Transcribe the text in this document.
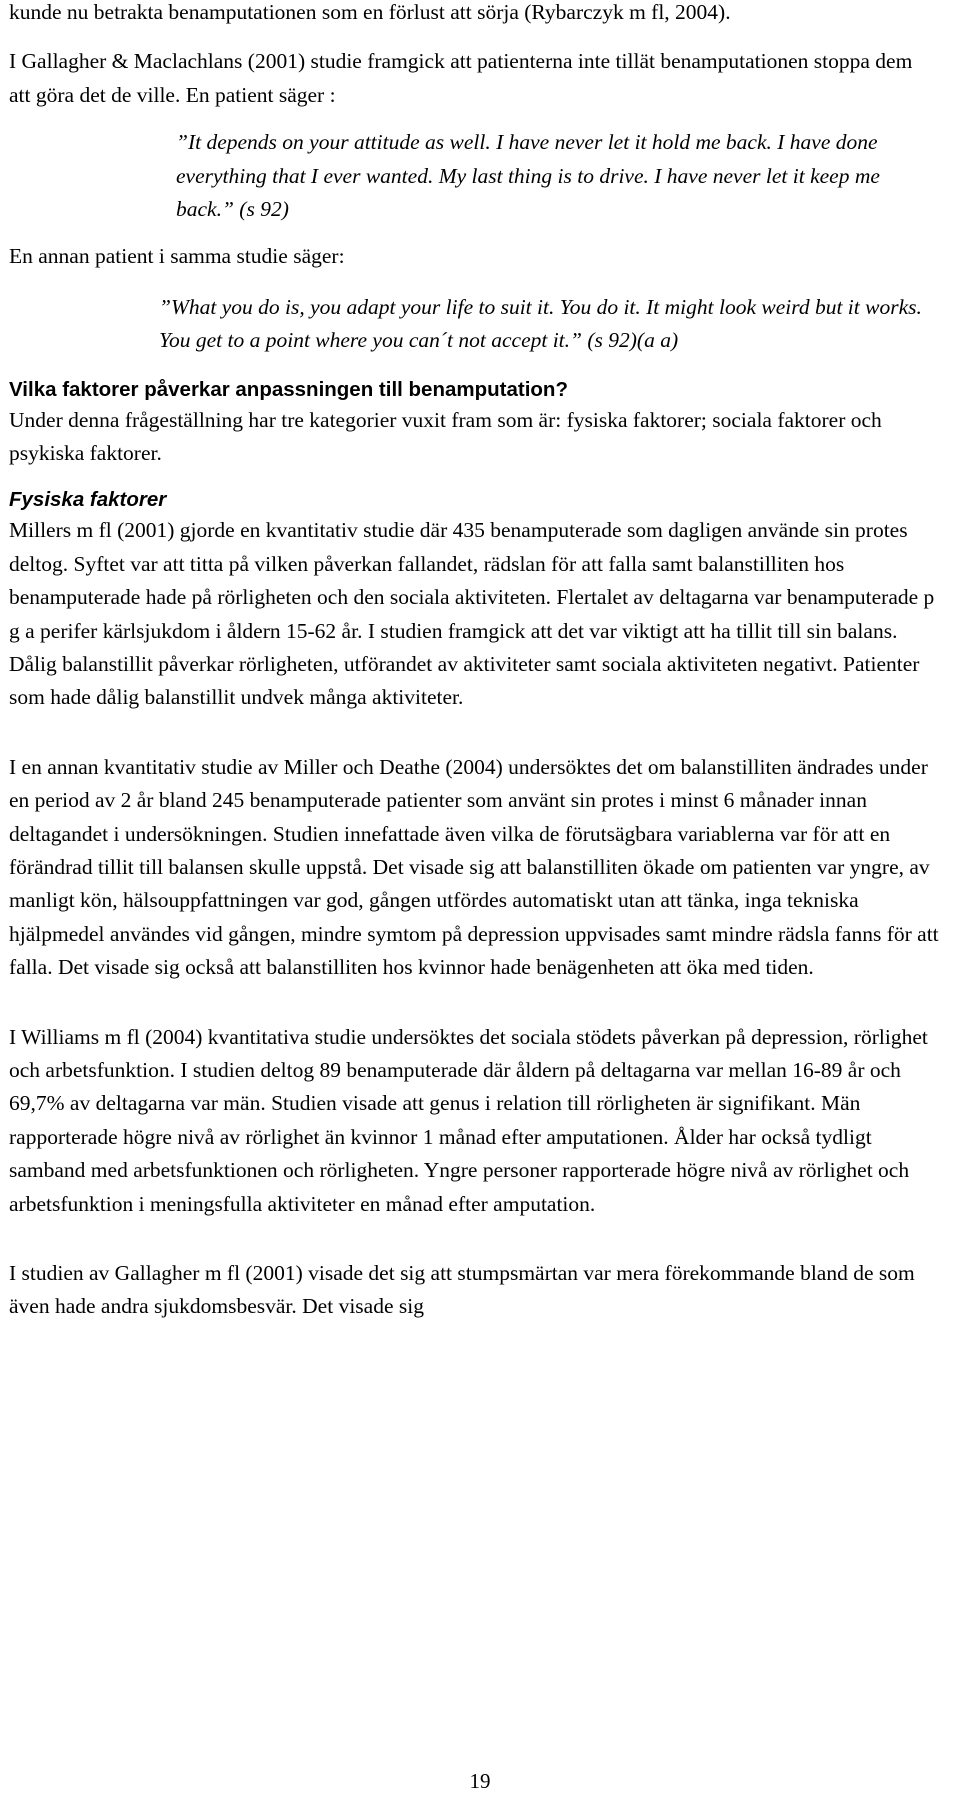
kunde nu betrakta benamputationen som en förlust att sörja (Rybarczyk m fl, 2004).

I Gallagher & Maclachlans (2001) studie framgick att patienterna inte tillät benamputationen stoppa dem att göra det de ville. En patient säger :

”It depends on your attitude as well. I have never let it hold me back. I have done everything that I ever wanted. My last thing is to drive. I have never let it keep me back.” (s 92)

En annan patient i samma studie säger:

”What you do is, you adapt your life to suit it. You do it. It might look weird but it works. You get to a point where you can´t not accept it.” (s 92)(a a)

Vilka faktorer påverkar anpassningen till benamputation?

Under denna frågeställning har tre kategorier vuxit fram som är: fysiska faktorer; sociala faktorer och psykiska faktorer.

Fysiska faktorer

Millers m fl (2001) gjorde en kvantitativ studie där 435 benamputerade som dagligen använde sin protes deltog. Syftet var att titta på vilken påverkan fallandet, rädslan för att falla samt balanstilliten hos benamputerade hade på rörligheten och den sociala aktiviteten. Flertalet av deltagarna var benamputerade p g a perifer kärlsjukdom i åldern 15-62 år. I studien framgick att det var viktigt att ha tillit till sin balans. Dålig balanstillit påverkar rörligheten, utförandet av aktiviteter samt sociala aktiviteten negativt. Patienter som hade dålig balanstillit undvek många aktiviteter.

I en annan kvantitativ studie av Miller och Deathe (2004) undersöktes det om balanstilliten ändrades under en period av 2 år bland 245 benamputerade patienter som använt sin protes i minst 6 månader innan deltagandet i undersökningen. Studien innefattade även vilka de förutsägbara variablerna var för att en förändrad tillit till balansen skulle uppstå. Det visade sig att balanstilliten ökade om patienten var yngre, av manligt kön, hälsouppfattningen var god, gången utfördes automatiskt utan att tänka, inga tekniska hjälpmedel användes vid gången, mindre symtom på depression uppvisades samt mindre rädsla fanns för att falla. Det visade sig också att balanstilliten hos kvinnor hade benägenheten att öka med tiden.

I Williams m fl (2004) kvantitativa studie undersöktes det sociala stödets påverkan på depression, rörlighet och arbetsfunktion. I studien deltog 89 benamputerade där åldern på deltagarna var mellan 16-89 år och 69,7% av deltagarna var män. Studien visade att genus i relation till rörligheten är signifikant. Män rapporterade högre nivå av rörlighet än kvinnor 1 månad efter amputationen. Ålder har också tydligt samband med arbetsfunktionen och rörligheten. Yngre personer rapporterade högre nivå av rörlighet och arbetsfunktion i meningsfulla aktiviteter en månad efter amputation.

I studien av Gallagher m fl (2001) visade det sig att stumpsmärtan var mera förekommande bland de som även hade andra sjukdomsbesvär. Det visade sig

19
